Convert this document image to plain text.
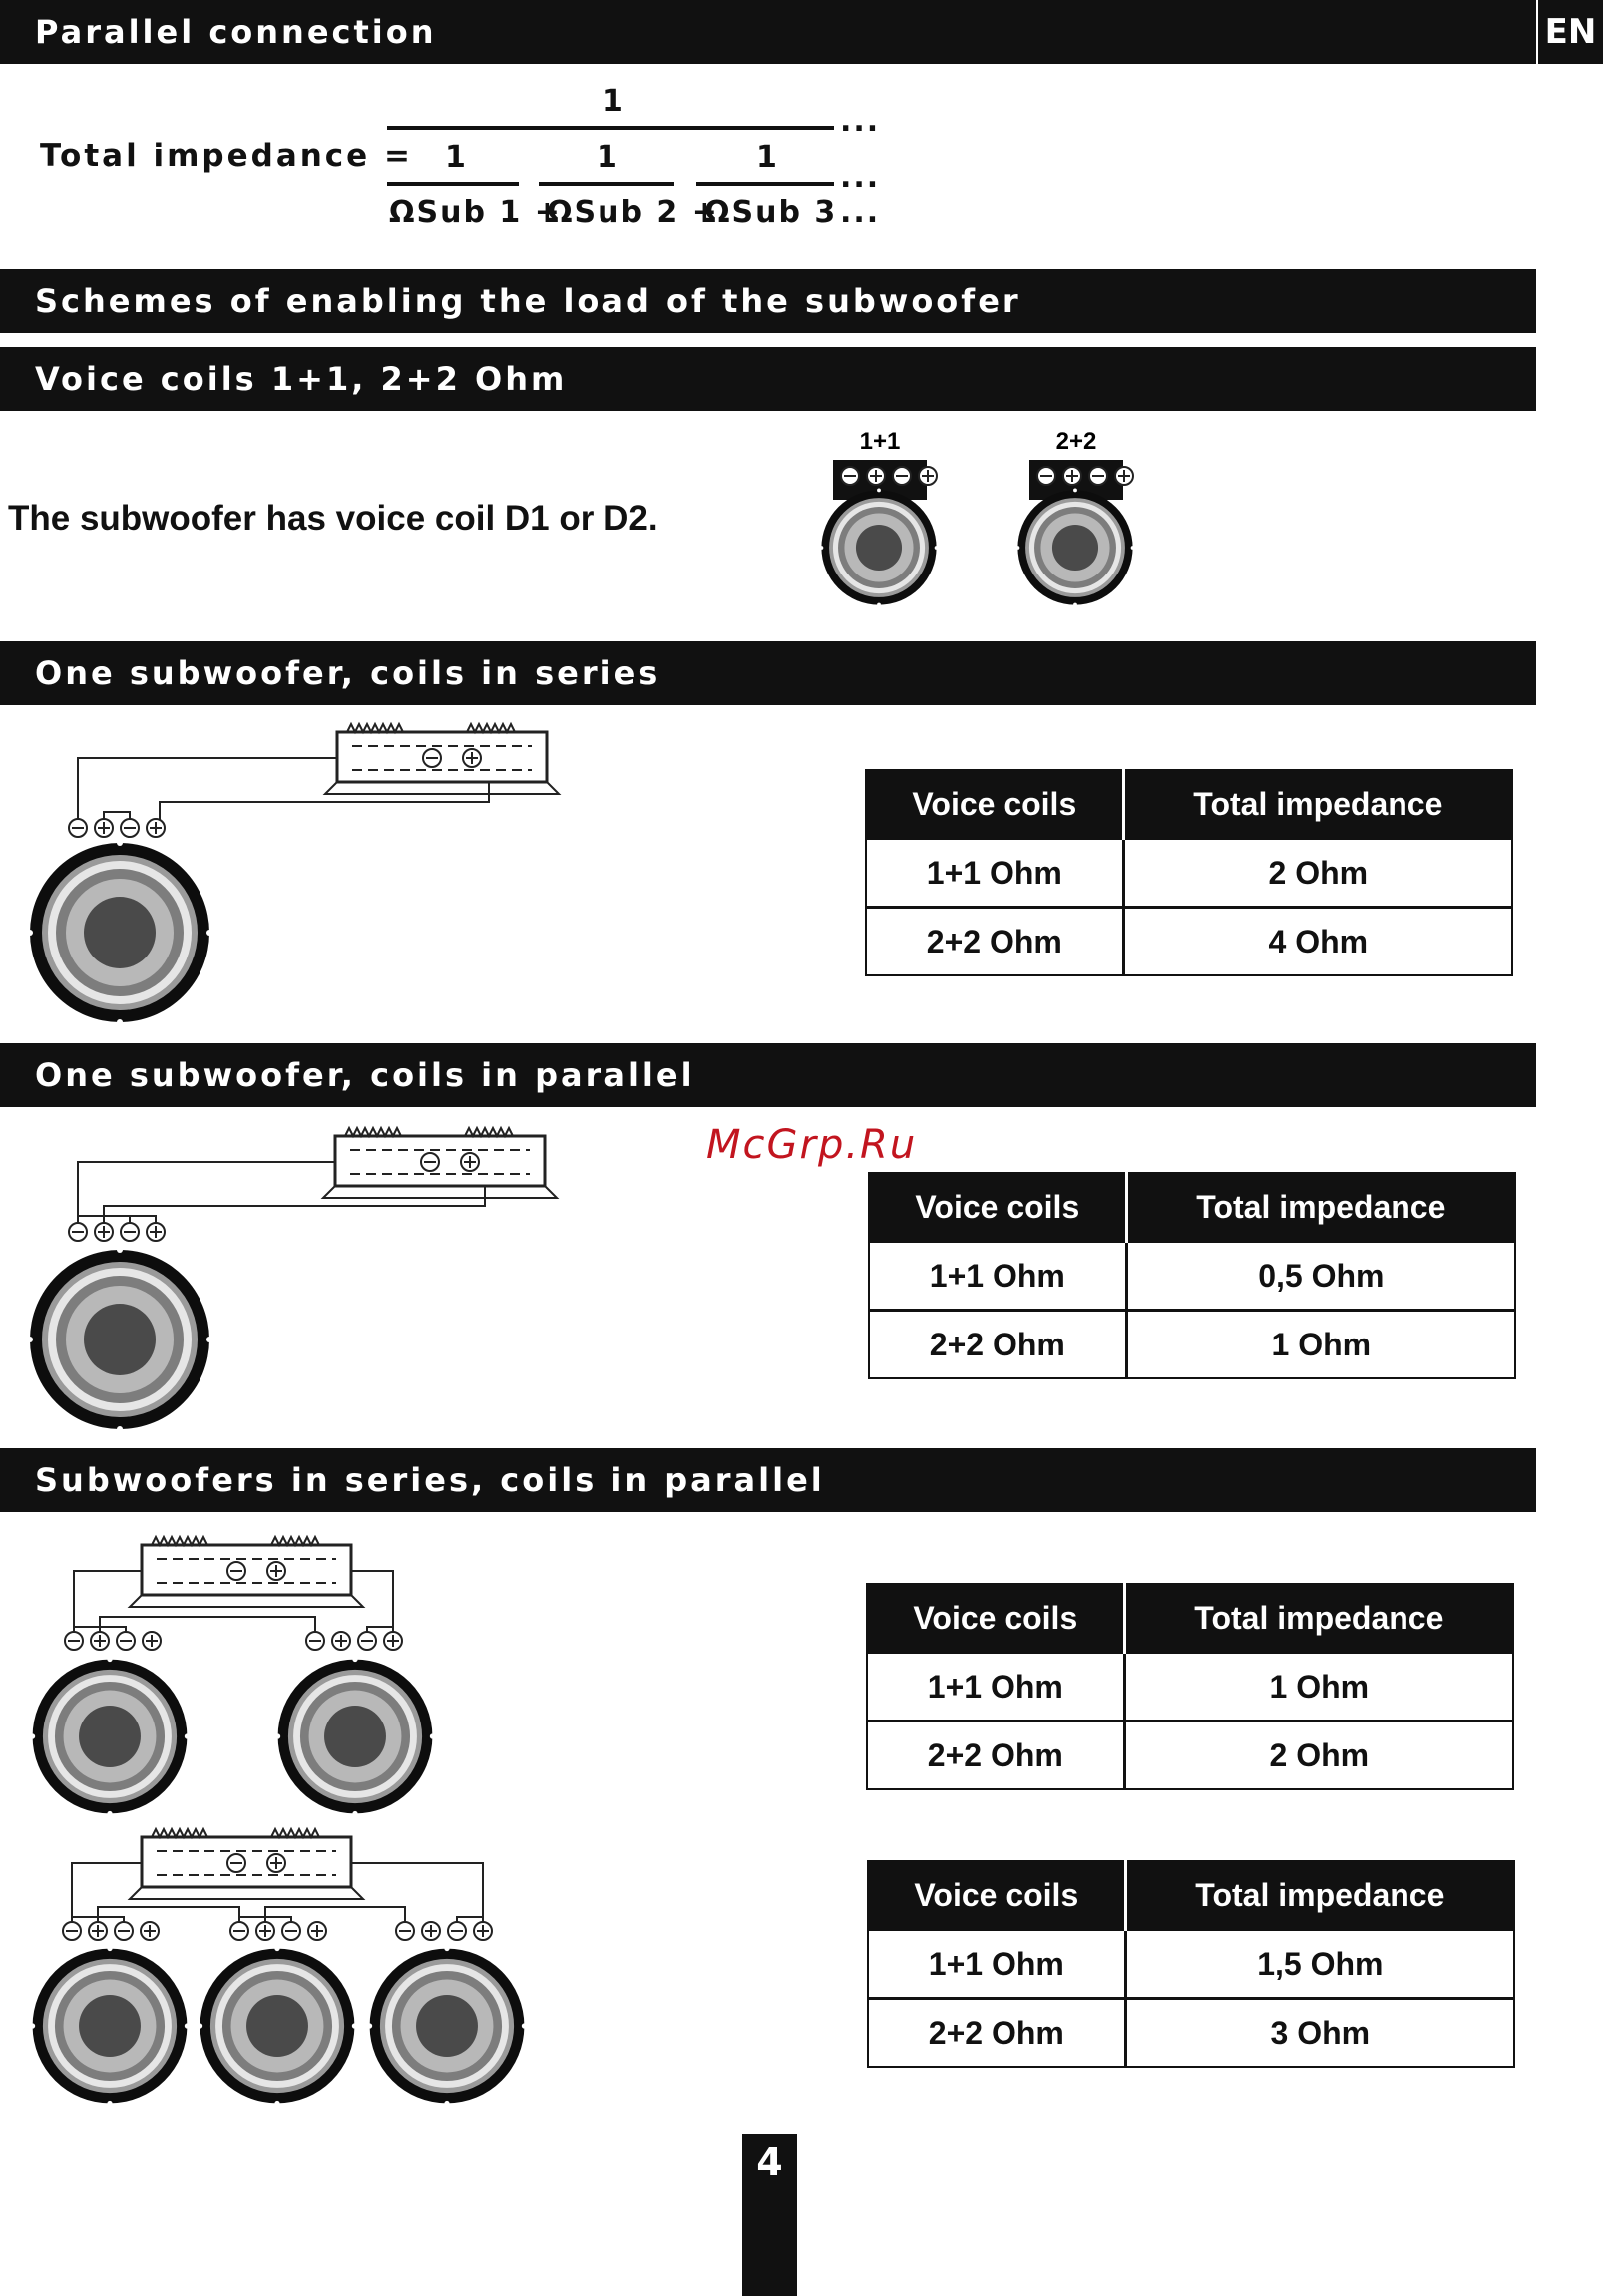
Parallel connection	EN
Total impedance =
1
...
1	1	1
...
ΩSub 1 +
ΩSub 2 +
ΩSub 3 ...
Schemes of enabling the load of the subwoofer
Voice coils 1+1, 2+2 Ohm
The subwoofer has voice coil D1 or D2.
1+1	2+2
One subwoofer, coils in series
Voice coils	Total impedance
1+1 Ohm	2 Ohm
2+2 Ohm	4 Ohm
One subwoofer, coils in parallel
McGrp.Ru
Voice coils	Total impedance
1+1 Ohm	0,5 Ohm
2+2 Ohm	1 Ohm
Subwoofers in series, coils in parallel
Voice coils	Total impedance
1+1 Ohm	1 Ohm
2+2 Ohm	2 Ohm
Voice coils	Total impedance
1+1 Ohm	1,5 Ohm
2+2 Ohm	3 Ohm
4
